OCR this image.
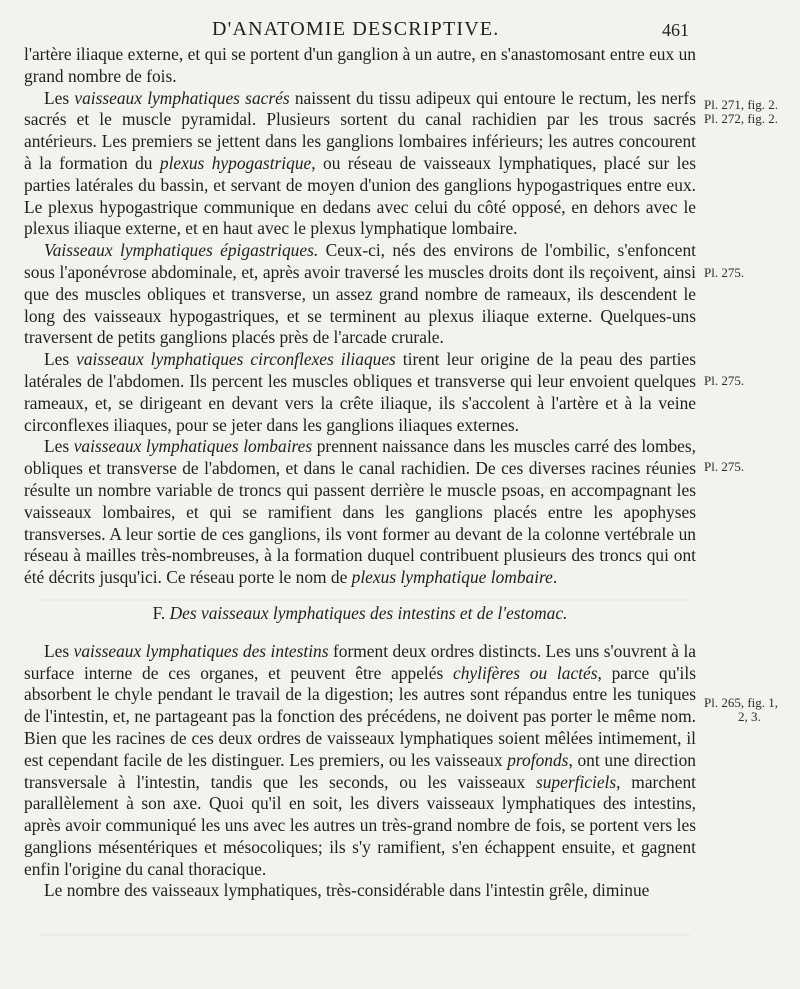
D'ANATOMIE DESCRIPTIVE.	461

l'artère iliaque externe, et qui se portent d'un ganglion à un autre, en s'anastomosant entre eux un grand nombre de fois.

Les vaisseaux lymphatiques sacrés naissent du tissu adipeux qui entoure le rectum, les nerfs sacrés et le muscle pyramidal. Plusieurs sortent du canal rachidien par les trous sacrés antérieurs. Les premiers se jettent dans les ganglions lombaires inférieurs; les autres concourent à la formation du plexus hypogastrique, ou réseau de vaisseaux lymphatiques, placé sur les parties latérales du bassin, et servant de moyen d'union des ganglions hypogastriques entre eux. Le plexus hypogastrique communique en dedans avec celui du côté opposé, en dehors avec le plexus iliaque externe, et en haut avec le plexus lymphatique lombaire.

Vaisseaux lymphatiques épigastriques. Ceux-ci, nés des environs de l'ombilic, s'enfoncent sous l'aponévrose abdominale, et, après avoir traversé les muscles droits dont ils reçoivent, ainsi que des muscles obliques et transverse, un assez grand nombre de rameaux, ils descendent le long des vaisseaux hypogastriques, et se terminent au plexus iliaque externe. Quelques-uns traversent de petits ganglions placés près de l'arcade crurale.

Les vaisseaux lymphatiques circonflexes iliaques tirent leur origine de la peau des parties latérales de l'abdomen. Ils percent les muscles obliques et transverse qui leur envoient quelques rameaux, et, se dirigeant en devant vers la crête iliaque, ils s'accolent à l'artère et à la veine circonflexes iliaques, pour se jeter dans les ganglions iliaques externes.

Les vaisseaux lymphatiques lombaires prennent naissance dans les muscles carré des lombes, obliques et transverse de l'abdomen, et dans le canal rachidien. De ces diverses racines réunies résulte un nombre variable de troncs qui passent derrière le muscle psoas, en accompagnant les vaisseaux lombaires, et qui se ramifient dans les ganglions placés entre les apophyses transverses. A leur sortie de ces ganglions, ils vont former au devant de la colonne vertébrale un réseau à mailles très-nombreuses, à la formation duquel contribuent plusieurs des troncs qui ont été décrits jusqu'ici. Ce réseau porte le nom de plexus lymphatique lombaire.

F. Des vaisseaux lymphatiques des intestins et de l'estomac.

Les vaisseaux lymphatiques des intestins forment deux ordres distincts. Les uns s'ouvrent à la surface interne de ces organes, et peuvent être appelés chylifères ou lactés, parce qu'ils absorbent le chyle pendant le travail de la digestion; les autres sont répandus entre les tuniques de l'intestin, et, ne partageant pas la fonction des précédens, ne doivent pas porter le même nom. Bien que les racines de ces deux ordres de vaisseaux lymphatiques soient mêlées intimement, il est cependant facile de les distinguer. Les premiers, ou les vaisseaux profonds, ont une direction transversale à l'intestin, tandis que les seconds, ou les vaisseaux superficiels, marchent parallèlement à son axe. Quoi qu'il en soit, les divers vaisseaux lymphatiques des intestins, après avoir communiqué les uns avec les autres un très-grand nombre de fois, se portent vers les ganglions mésentériques et mésocoliques; ils s'y ramifient, s'en échappent ensuite, et gagnent enfin l'origine du canal thoracique.

Le nombre des vaisseaux lymphatiques, très-considérable dans l'intestin grêle, diminue

Pl. 271, fig. 2.
Pl. 272, fig. 2.
Pl. 275.
Pl. 275.
Pl. 275.
Pl. 265, fig. 1,
2, 3.
